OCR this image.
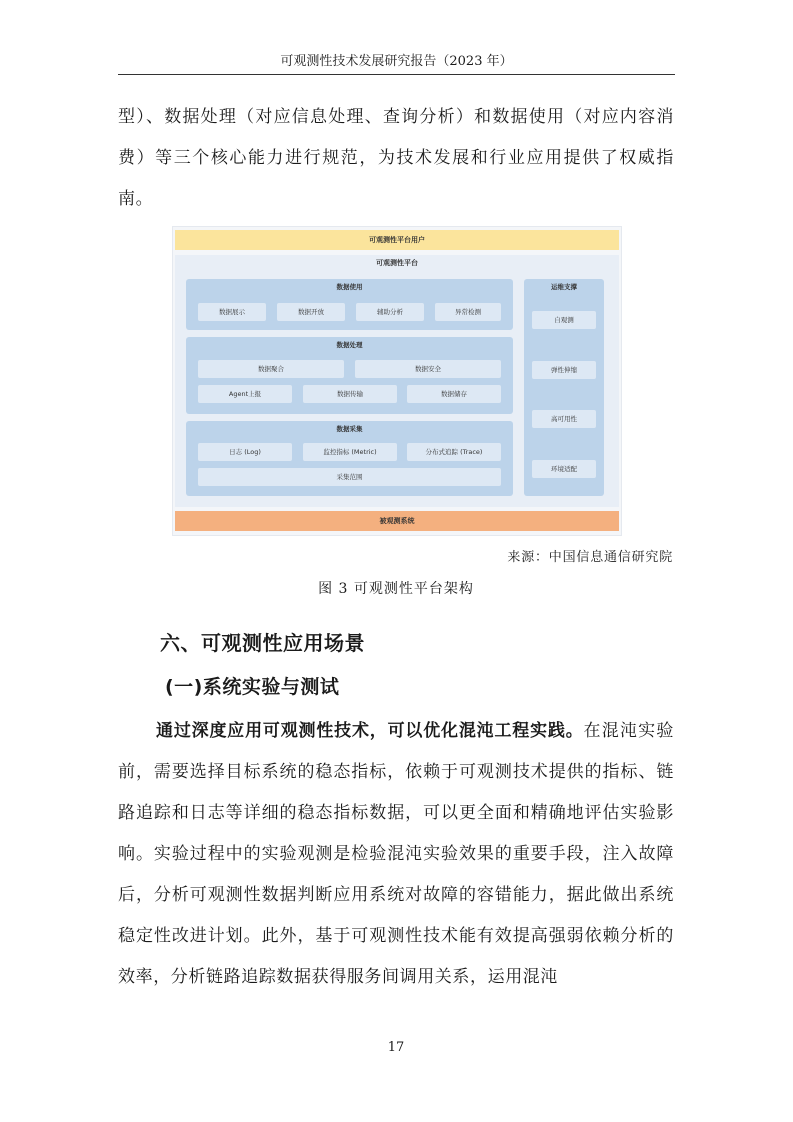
可观测性技术发展研究报告（2023 年）

型）、数据处理（对应信息处理、查询分析）和数据使用（对应内容消费）等三个核心能力进行规范，为技术发展和行业应用提供了权威指南。

可观测性平台用户
可观测性平台
数据使用
数据展示	数据开放	辅助分析	异常检测
数据处理
数据聚合	数据安全
Agent上报	数据传输	数据储存
数据采集
日志 (Log)	监控指标 (Metric)	分布式追踪 (Trace)
采集范围
运维支撑
自观测
弹性伸缩
高可用性
环境适配
被观测系统
来源：中国信息通信研究院
图 3 可观测性平台架构
六、可观测性应用场景
(一)系统实验与测试

通过深度应用可观测性技术，可以优化混沌工程实践。在混沌实验前，需要选择目标系统的稳态指标，依赖于可观测技术提供的指标、链路追踪和日志等详细的稳态指标数据，可以更全面和精确地评估实验影响。实验过程中的实验观测是检验混沌实验效果的重要手段，注入故障后，分析可观测性数据判断应用系统对故障的容错能力，据此做出系统稳定性改进计划。此外，基于可观测性技术能有效提高强弱依赖分析的效率，分析链路追踪数据获得服务间调用关系，运用混沌

17
